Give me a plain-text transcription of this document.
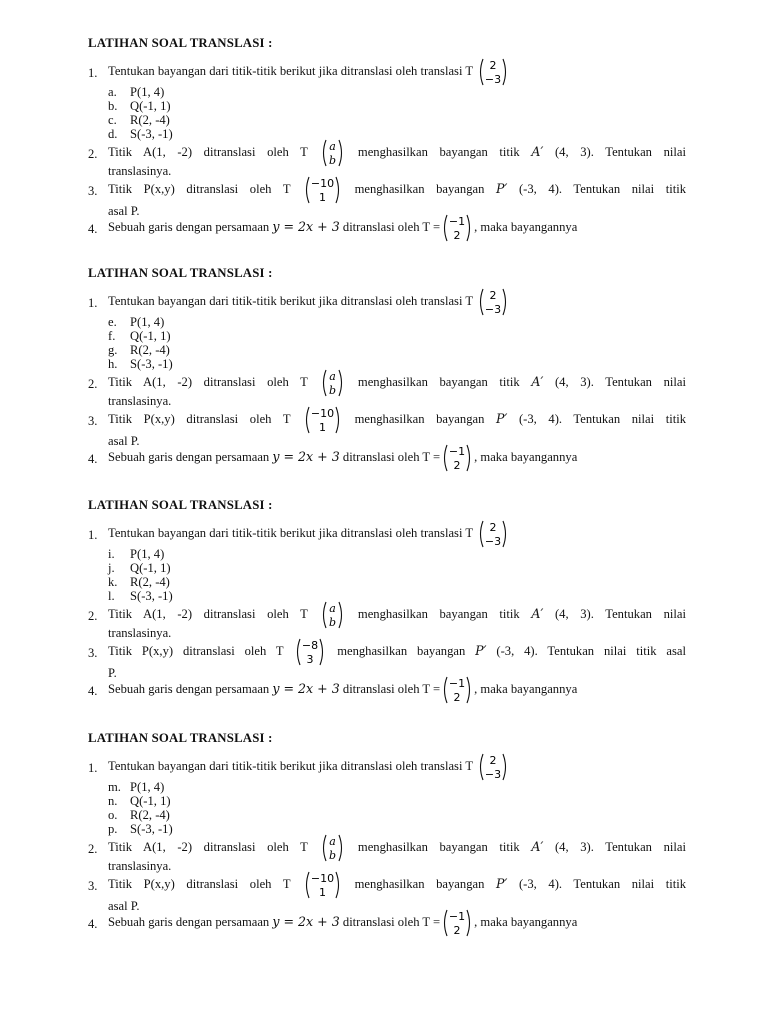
LATIHAN SOAL TRANSLASI :
1. Tentukan bayangan dari titik-titik berikut jika ditranslasi oleh translasi T 2
−3
a.	P(1, 4)
b. Q(-1, 1)
c.	R(2, -4)
d. S(-3, -1)
2. Titik A(1, -2) ditranslasi oleh T a
b
menghasilkan bayangan titik A′ (4, 3). Tentukan nilai
translasinya.
3. Titik P(x,y) ditranslasi oleh T −10
1
menghasilkan bayangan P′ (-3, 4). Tentukan nilai titik
asal P.
4. Sebuah garis dengan persamaan y = 2x + 3 ditranslasi oleh T = −1
2
, maka bayangannya
LATIHAN SOAL TRANSLASI :
1. Tentukan bayangan dari titik-titik berikut jika ditranslasi oleh translasi T 2
−3
e.	P(1, 4)
f.	Q(-1, 1)
g. R(2, -4)
h. S(-3, -1)
2. Titik A(1, -2) ditranslasi oleh T a
b
menghasilkan bayangan titik A′ (4, 3). Tentukan nilai
translasinya.
3. Titik P(x,y) ditranslasi oleh T −10
1
menghasilkan bayangan P′ (-3, 4). Tentukan nilai titik
asal P.
4. Sebuah garis dengan persamaan y = 2x + 3 ditranslasi oleh T = −1
2
, maka bayangannya
LATIHAN SOAL TRANSLASI :
1. Tentukan bayangan dari titik-titik berikut jika ditranslasi oleh translasi T 2
−3
i.	P(1, 4)
j.	Q(-1, 1)
k. R(2, -4)
l.	S(-3, -1)
2. Titik A(1, -2) ditranslasi oleh T a
b
menghasilkan bayangan titik A′ (4, 3). Tentukan nilai
translasinya.
3. Titik P(x,y) ditranslasi oleh T −8
3
menghasilkan bayangan P′ (-3, 4). Tentukan nilai titik asal
P.
4. Sebuah garis dengan persamaan y = 2x + 3 ditranslasi oleh T = −1
2
, maka bayangannya
LATIHAN SOAL TRANSLASI :
1. Tentukan bayangan dari titik-titik berikut jika ditranslasi oleh translasi T 2
−3
m. P(1, 4)
n. Q(-1, 1)
o. R(2, -4)
p. S(-3, -1)
2. Titik A(1, -2) ditranslasi oleh T a
b
menghasilkan bayangan titik A′ (4, 3). Tentukan nilai
translasinya.
3. Titik P(x,y) ditranslasi oleh T −10
1
menghasilkan bayangan P′ (-3, 4). Tentukan nilai titik
asal P.
4. Sebuah garis dengan persamaan y = 2x + 3 ditranslasi oleh T = −1
2
, maka bayangannya
